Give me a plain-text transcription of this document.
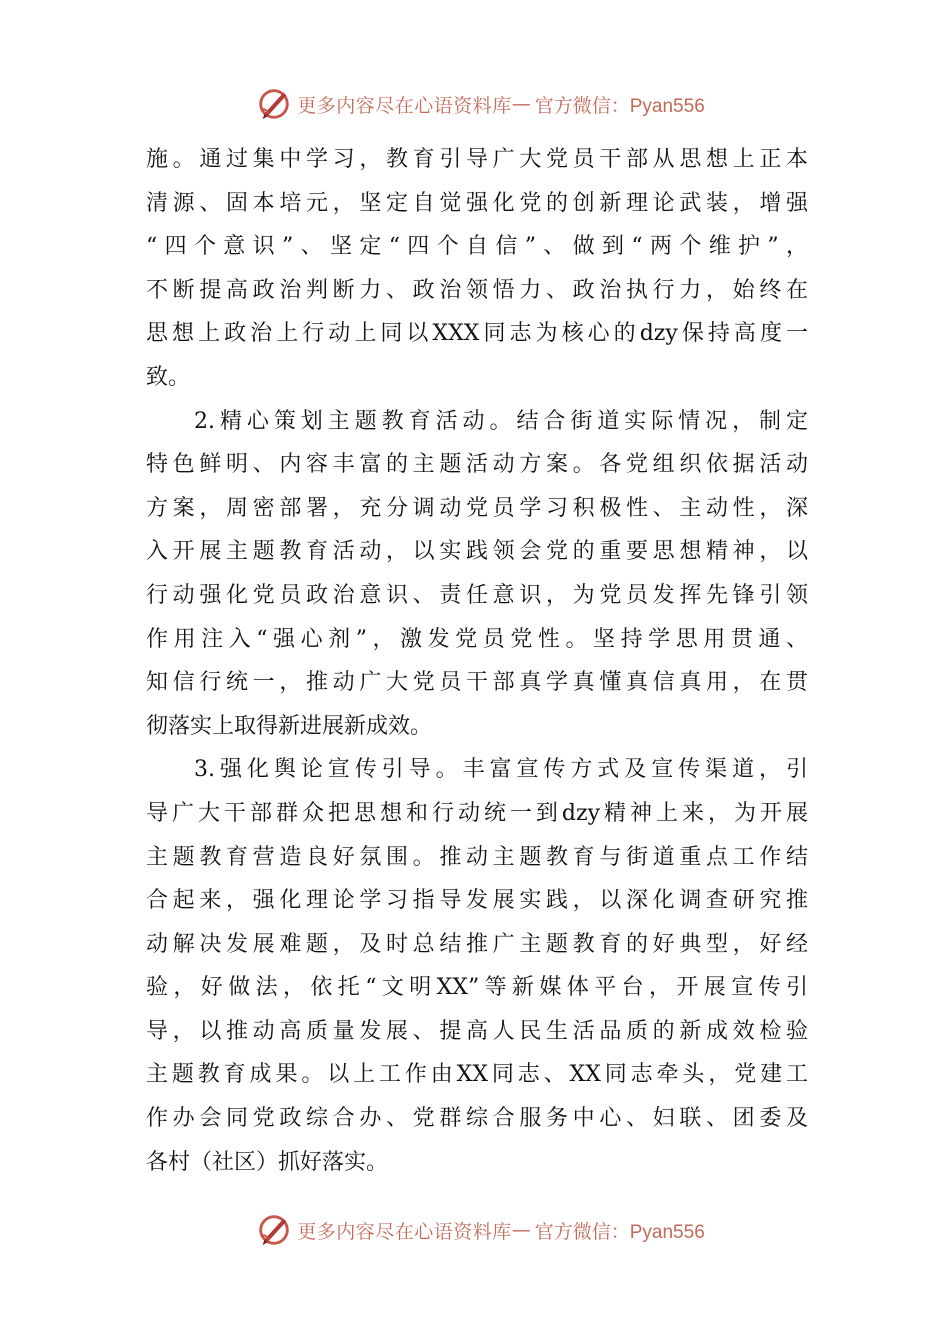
更多内容尽在心语资料库 — 官方微信：Pyan556
施。通过集中学习，教育引导广大党员干部从思想上正本
清源、固本培元，坚定自觉强化党的创新理论武装，增强
“四个意识”、坚定“四个自信”、做到“两个维护”，
不断提高政治判断力、政治领悟力、政治执行力，始终在
思想上政治上行动上同以XXX同志为核心的dzy保持高度一
致。
2.精心策划主题教育活动。结合街道实际情况，制定
特色鲜明、内容丰富的主题活动方案。各党组织依据活动
方案，周密部署，充分调动党员学习积极性、主动性，深
入开展主题教育活动，以实践领会党的重要思想精神，以
行动强化党员政治意识、责任意识，为党员发挥先锋引领
作用注入“强心剂”，激发党员党性。坚持学思用贯通、
知信行统一，推动广大党员干部真学真懂真信真用，在贯
彻落实上取得新进展新成效。
3.强化舆论宣传引导。丰富宣传方式及宣传渠道，引
导广大干部群众把思想和行动统一到dzy精神上来，为开展
主题教育营造良好氛围。推动主题教育与街道重点工作结
合起来，强化理论学习指导发展实践，以深化调查研究推
动解决发展难题，及时总结推广主题教育的好典型，好经
验，好做法，依托“文明XX”等新媒体平台，开展宣传引
导，以推动高质量发展、提高人民生活品质的新成效检验
主题教育成果。以上工作由XX同志、XX同志牵头，党建工
作办会同党政综合办、党群综合服务中心、妇联、团委及
各村（社区）抓好落实。
更多内容尽在心语资料库 — 官方微信：Pyan556
